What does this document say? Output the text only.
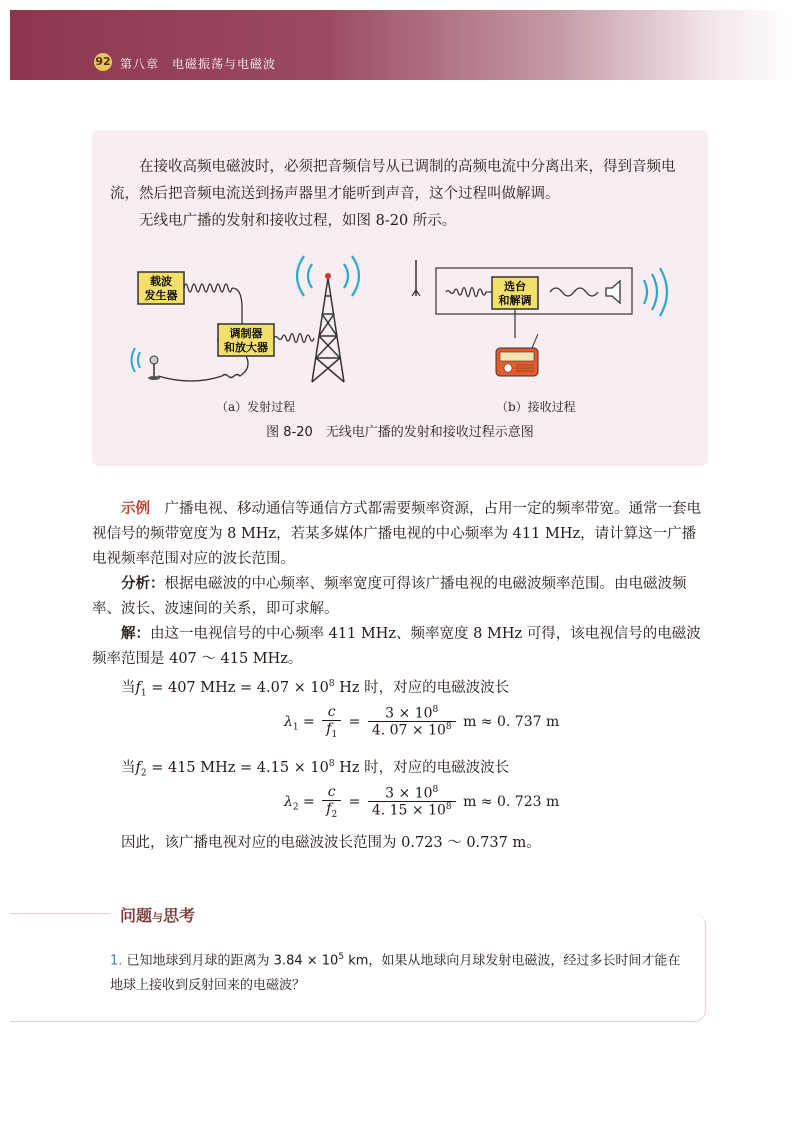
92 第八章　电磁振荡与电磁波

在接收高频电磁波时，必须把音频信号从已调制的高频电流中分离出来，得到音频电流，然后把音频电流送到扬声器里才能听到声音，这个过程叫做解调。

无线电广播的发射和接收过程，如图 8-20 所示。

载波
发生器
调制器
和放大器
选台
和解调
（a）发射过程	（b）接收过程
图 8-20　无线电广播的发射和接收过程示意图

示例　 广播电视、移动通信等通信方式都需要频率资源，占用一定的频率带宽。通常一套电视信号的频带宽度为 8 MHz，若某多媒体广播电视的中心频率为 411 MHz，请计算这一广播电视频率范围对应的波长范围。

分析：根据电磁波的中心频率、频率宽度可得该广播电视的电磁波频率范围。由电磁波频率、波长、波速间的关系，即可求解。

解：由这一电视信号的中心频率 411 MHz、频率宽度 8 MHz 可得，该电视信号的电磁波频率范围是 407 ～ 415 MHz。

当$f_1 = 407$ MHz = $4.07 \times 10^8$ Hz 时，对应的电磁波波长

$\lambda_1 = \frac{c}{f_1} = \frac{3 \times 10^8}{4. 07 \times 10^8}$ m ≈ 0. 737 m

当$f_2 = 415$ MHz = $4.15 \times 10^8$ Hz 时，对应的电磁波波长

$\lambda_2 = \frac{c}{f_2} = \frac{3 \times 10^8}{4. 15 \times 10^8}$ m ≈ 0. 723 m

因此，该广播电视对应的电磁波波长范围为 0.723 ～ 0.737 m。

问题与思考
1. 已知地球到月球的距离为 $3.84 \times 10^5$ km，如果从地球向月球发射电磁波，经过多长时间才能在地球上接收到反射回来的电磁波？
